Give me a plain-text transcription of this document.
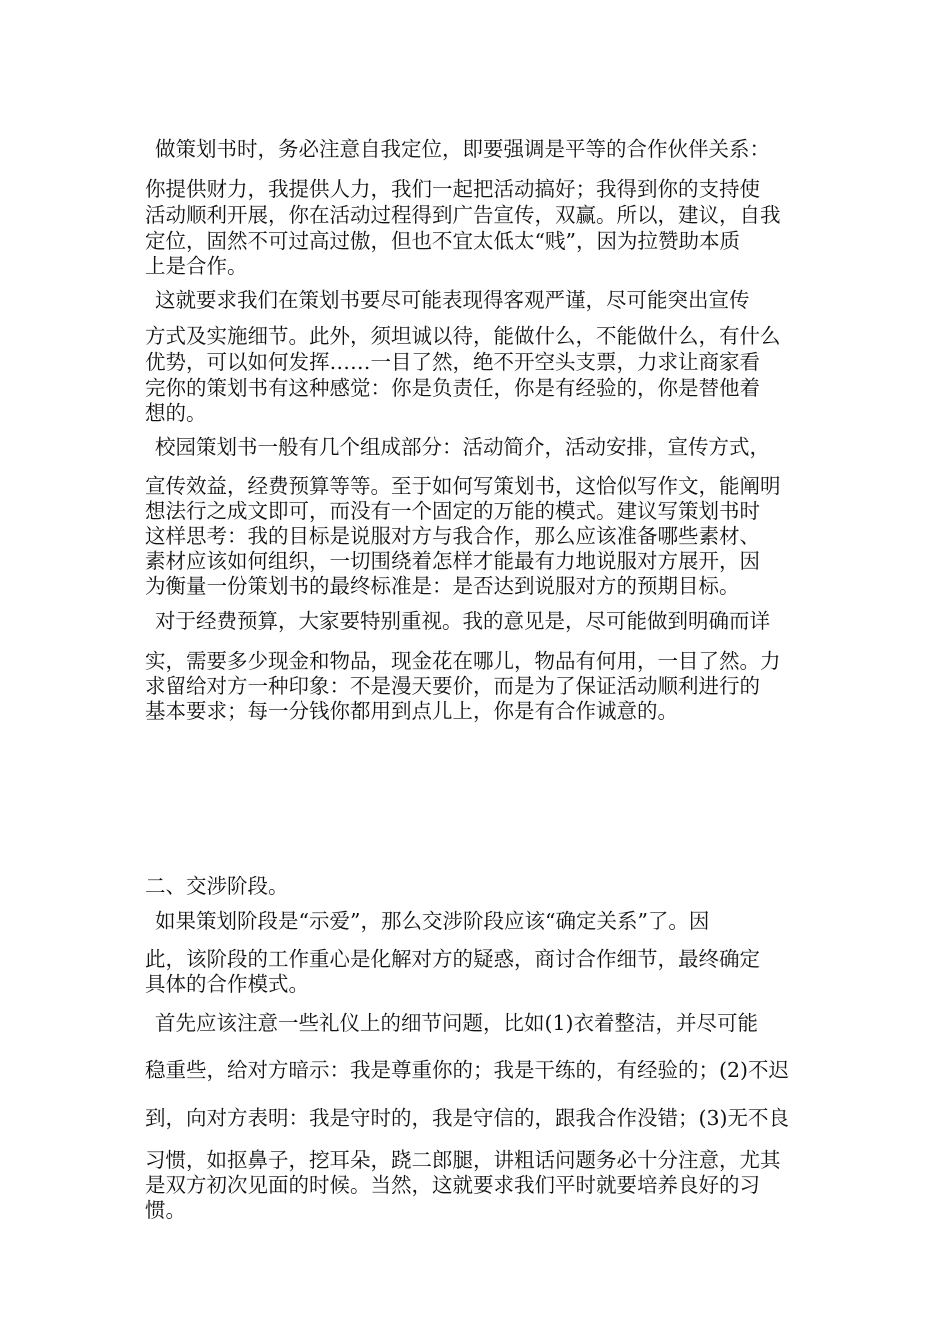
做策划书时，务必注意自我定位，即要强调是平等的合作伙伴关系：
你提供财力，我提供人力，我们一起把活动搞好；我得到你的支持使
活动顺利开展，你在活动过程得到广告宣传，双赢。所以，建议，自我
定位，固然不可过高过傲，但也不宜太低太“贱”，因为拉赞助本质
上是合作。
这就要求我们在策划书要尽可能表现得客观严谨，尽可能突出宣传
方式及实施细节。此外，须坦诚以待，能做什么，不能做什么，有什么
优势，可以如何发挥……一目了然，绝不开空头支票，力求让商家看
完你的策划书有这种感觉：你是负责任，你是有经验的，你是替他着
想的。
校园策划书一般有几个组成部分：活动简介，活动安排，宣传方式，
宣传效益，经费预算等等。至于如何写策划书，这恰似写作文，能阐明
想法行之成文即可，而没有一个固定的万能的模式。建议写策划书时
这样思考：我的目标是说服对方与我合作，那么应该准备哪些素材、
素材应该如何组织，一切围绕着怎样才能最有力地说服对方展开，因
为衡量一份策划书的最终标准是：是否达到说服对方的预期目标。
对于经费预算，大家要特别重视。我的意见是，尽可能做到明确而详
实，需要多少现金和物品，现金花在哪儿，物品有何用，一目了然。力
求留给对方一种印象：不是漫天要价，而是为了保证活动顺利进行的
基本要求；每一分钱你都用到点儿上，你是有合作诚意的。
二、交涉阶段。
如果策划阶段是“示爱”，那么交涉阶段应该“确定关系”了。因
此，该阶段的工作重心是化解对方的疑惑，商讨合作细节，最终确定
具体的合作模式。
首先应该注意一些礼仪上的细节问题，比如(1)衣着整洁，并尽可能
稳重些，给对方暗示：我是尊重你的；我是干练的，有经验的；(2)不迟
到，向对方表明：我是守时的，我是守信的，跟我合作没错；(3)无不良
习惯，如抠鼻子，挖耳朵，跷二郎腿，讲粗话问题务必十分注意，尤其
是双方初次见面的时候。当然，这就要求我们平时就要培养良好的习
惯。
